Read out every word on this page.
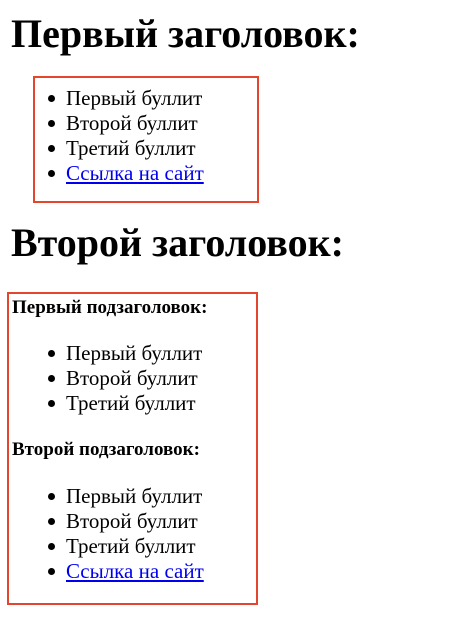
Первый заголовок:
Первый буллит
Второй буллит
Третий буллит
Ссылка на сайт
Второй заголовок:
Первый подзаголовок:
Первый буллит
Второй буллит
Третий буллит
Второй подзаголовок:
Первый буллит
Второй буллит
Третий буллит
Ссылка на сайт
